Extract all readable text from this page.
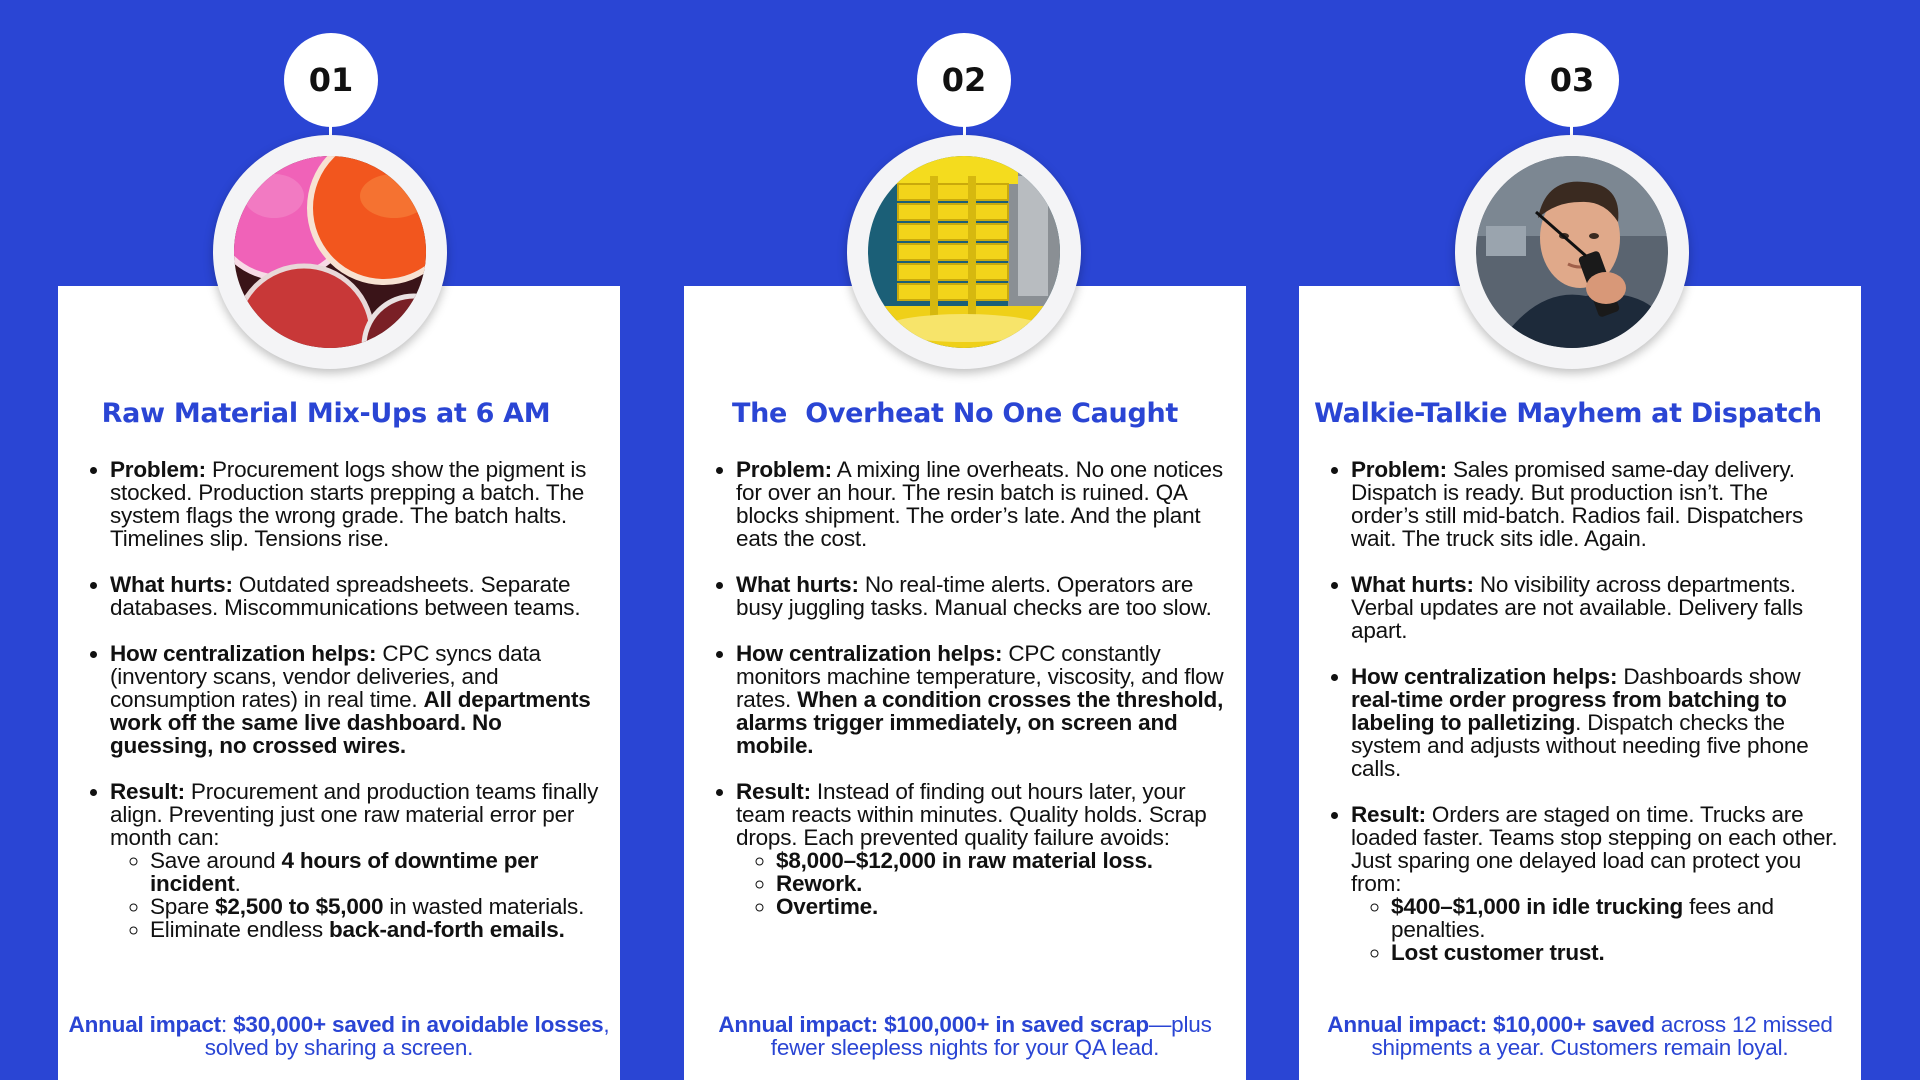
01
Raw Material Mix-Ups at 6 AM
• Problem: Procurement logs show the pigment is stocked. Production starts prepping a batch. The system flags the wrong grade. The batch halts. Timelines slip. Tensions rise.
• What hurts: Outdated spreadsheets. Separate databases. Miscommunications between teams.
• How centralization helps: CPC syncs data (inventory scans, vendor deliveries, and consumption rates) in real time. All departments work off the same live dashboard. No guessing, no crossed wires.
• Result: Procurement and production teams finally align. Preventing just one raw material error per month can:
◦ Save around 4 hours of downtime per incident.
◦ Spare $2,500 to $5,000 in wasted materials.
◦ Eliminate endless back-and-forth emails.
Annual impact: $30,000+ saved in avoidable losses, solved by sharing a screen.
02
The  Overheat No One Caught
• Problem: A mixing line overheats. No one notices for over an hour. The resin batch is ruined. QA blocks shipment. The order’s late. And the plant eats the cost.
• What hurts: No real-time alerts. Operators are busy juggling tasks. Manual checks are too slow.
• How centralization helps: CPC constantly monitors machine temperature, viscosity, and flow rates. When a condition crosses the threshold, alarms trigger immediately, on screen and mobile.
• Result: Instead of finding out hours later, your team reacts within minutes. Quality holds. Scrap drops. Each prevented quality failure avoids:
◦ $8,000–$12,000 in raw material loss.
◦ Rework.
◦ Overtime.
Annual impact: $100,000+ in saved scrap—plus fewer sleepless nights for your QA lead.
03
Walkie-Talkie Mayhem at Dispatch
• Problem: Sales promised same-day delivery. Dispatch is ready. But production isn’t. The order’s still mid-batch. Radios fail. Dispatchers wait. The truck sits idle. Again.
• What hurts: No visibility across departments. Verbal updates are not available. Delivery falls apart.
• How centralization helps: Dashboards show real-time order progress from batching to labeling to palletizing. Dispatch checks the system and adjusts without needing five phone calls.
• Result: Orders are staged on time. Trucks are loaded faster. Teams stop stepping on each other. Just sparing one delayed load can protect you from:
◦ $400–$1,000 in idle trucking fees and penalties.
◦ Lost customer trust.
Annual impact: $10,000+ saved across 12 missed shipments a year. Customers remain loyal.
